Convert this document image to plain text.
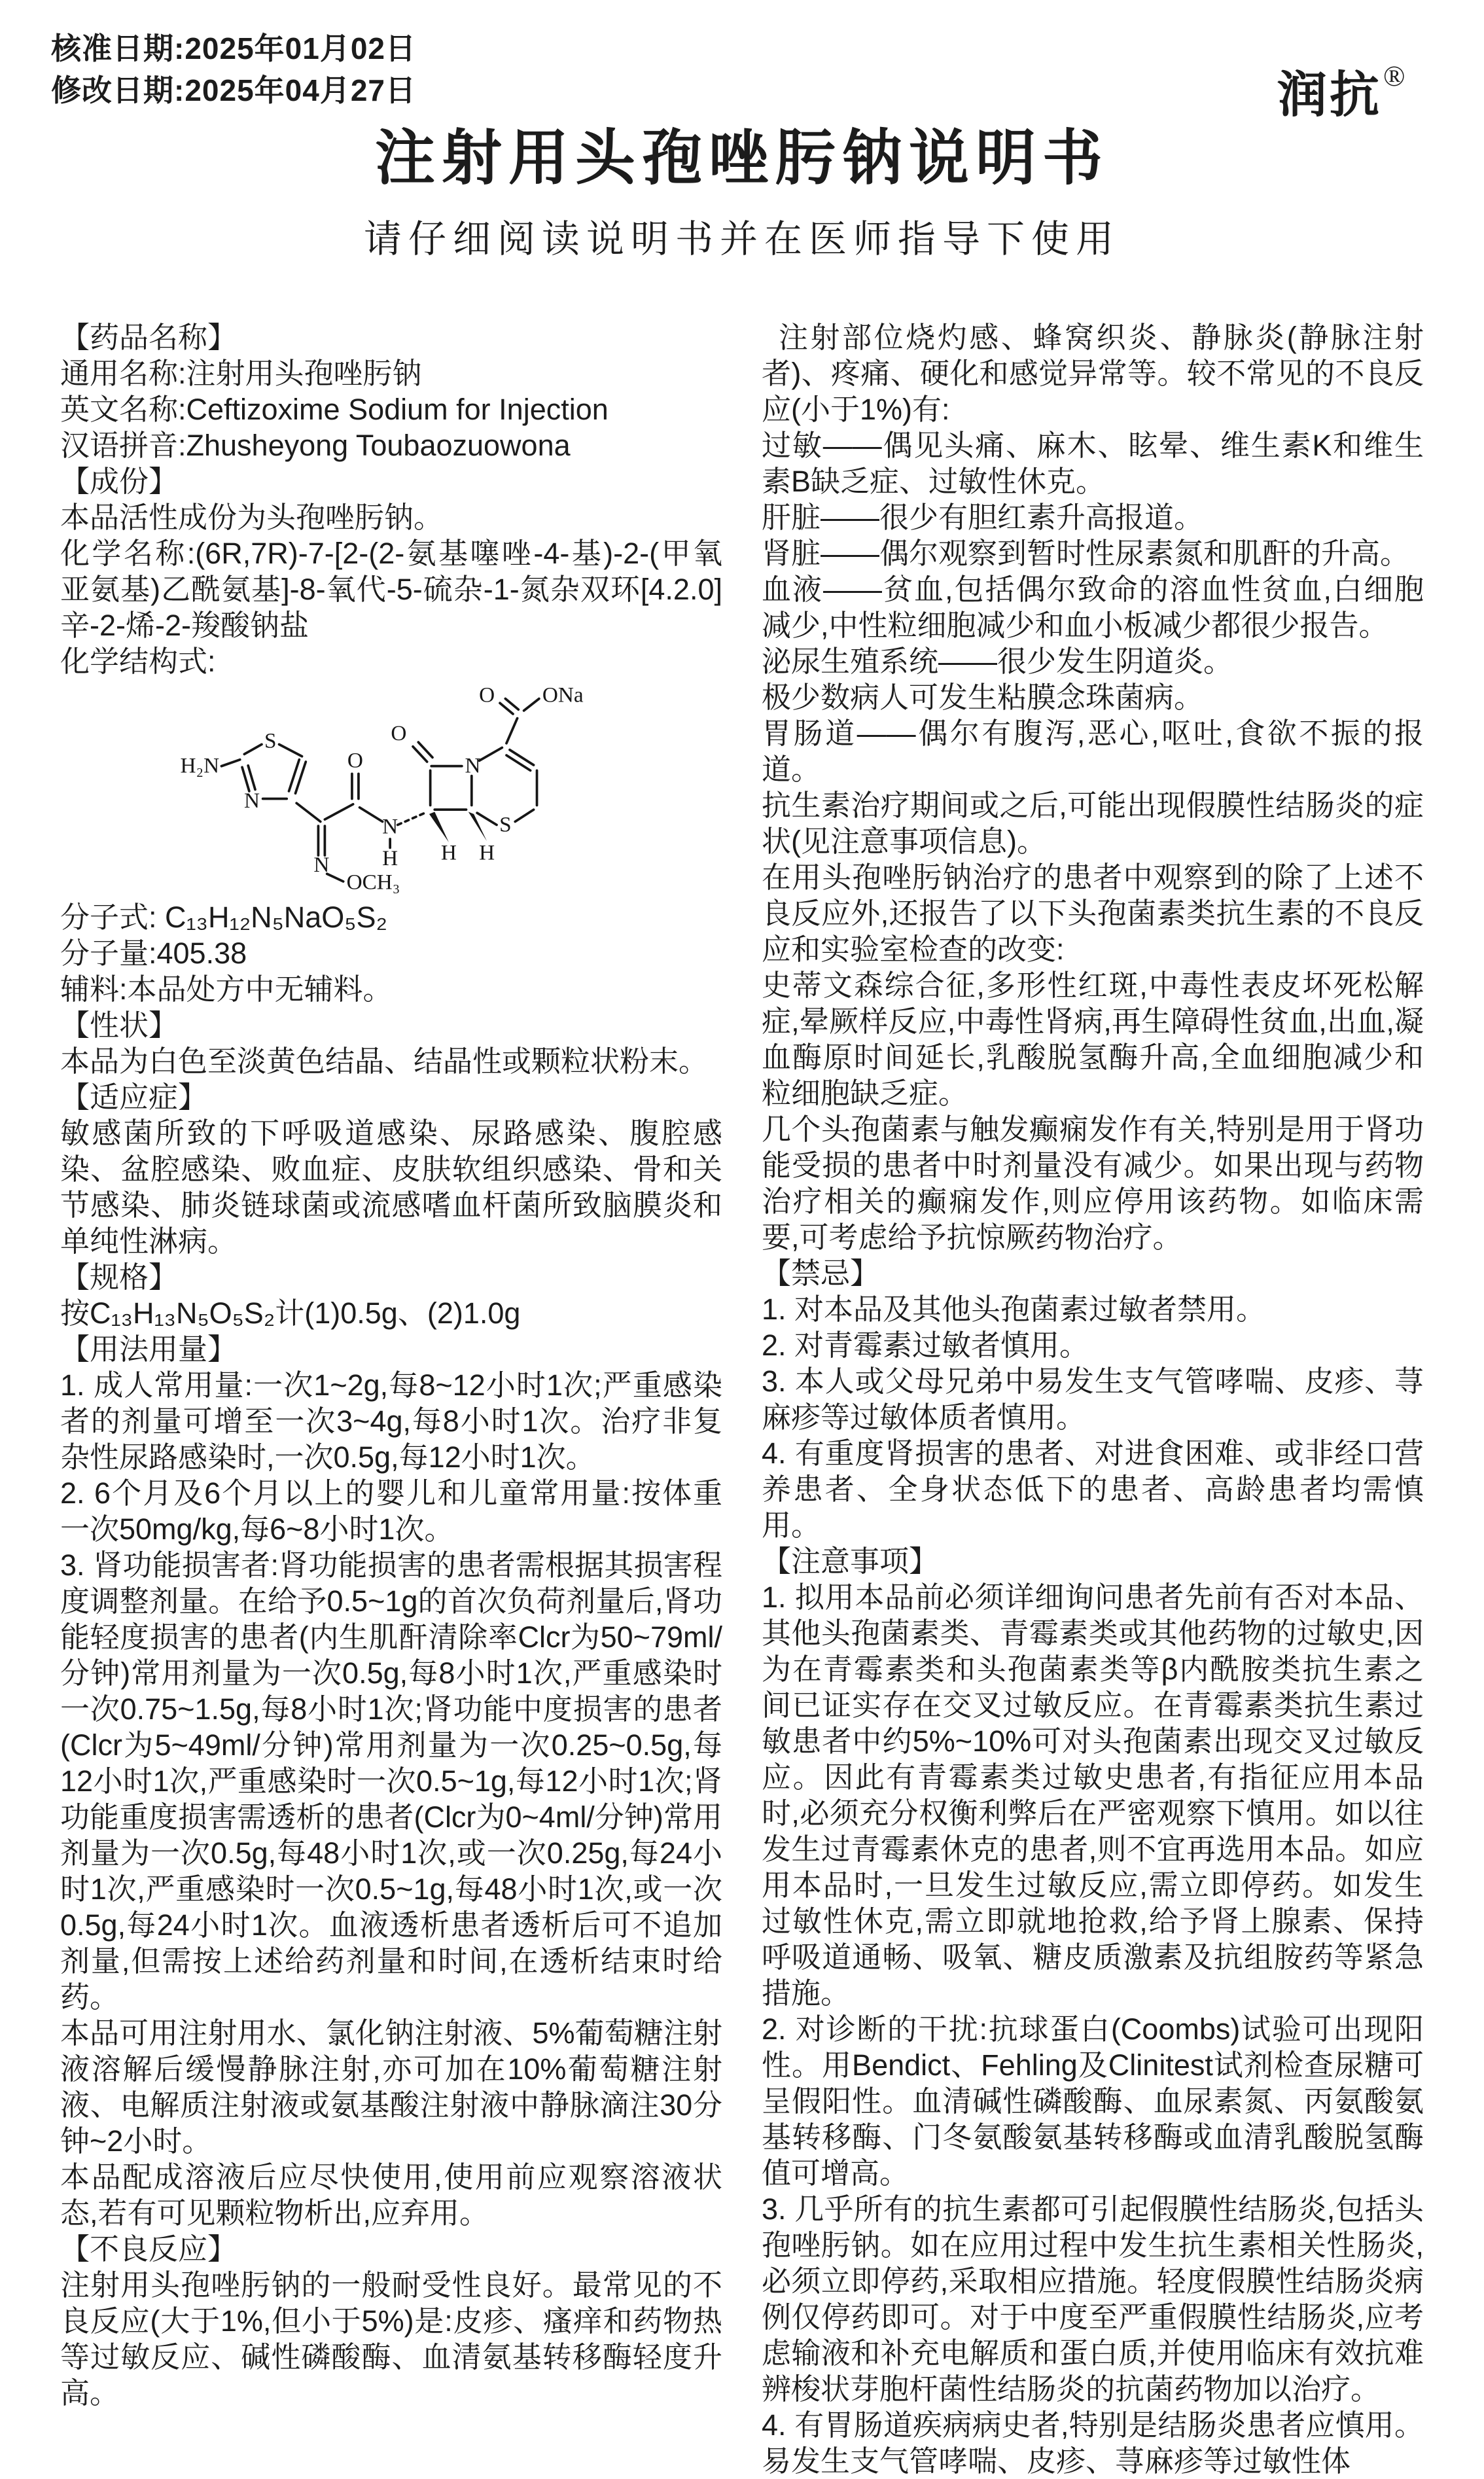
核准日期:2025年01月02日
修改日期:2025年04月27日	润抗®
注射用头孢唑肟钠说明书
请仔细阅读说明书并在医师指导下使用
【药品名称】
通用名称:注射用头孢唑肟钠
英文名称:Ceftizoxime Sodium for Injection
汉语拼音:Zhusheyong Toubaozuowona
【成份】
本品活性成份为头孢唑肟钠。
化学名称:(6R,7R)-7-[2-(2-氨基噻唑-4-基)-2-(甲氧亚氨基)乙酰氨基]-8-氧代-5-硫杂-1-氮杂双环[4.2.0]辛-2-烯-2-羧酸钠盐
化学结构式:
H₂N
S
N
N
OCH₃
O
N
H
O
N
H H
S
O ONa
分子式: C₁₃H₁₂N₅NaO₅S₂
分子量:405.38
辅料:本品处方中无辅料。
【性状】
本品为白色至淡黄色结晶、结晶性或颗粒状粉末。
【适应症】
敏感菌所致的下呼吸道感染、尿路感染、腹腔感染、盆腔感染、败血症、皮肤软组织感染、骨和关节感染、肺炎链球菌或流感嗜血杆菌所致脑膜炎和单纯性淋病。
【规格】
按C₁₃H₁₃N₅O₅S₂计(1)0.5g、(2)1.0g
【用法用量】
1. 成人常用量:一次1~2g,每8~12小时1次;严重感染者的剂量可增至一次3~4g,每8小时1次。治疗非复杂性尿路感染时,一次0.5g,每12小时1次。
2. 6个月及6个月以上的婴儿和儿童常用量:按体重一次50mg/kg,每6~8小时1次。
3. 肾功能损害者:肾功能损害的患者需根据其损害程度调整剂量。在给予0.5~1g的首次负荷剂量后,肾功能轻度损害的患者(内生肌酐清除率Clcr为50~79ml/分钟)常用剂量为一次0.5g,每8小时1次,严重感染时一次0.75~1.5g,每8小时1次;肾功能中度损害的患者(Clcr为5~49ml/分钟)常用剂量为一次0.25~0.5g,每12小时1次,严重感染时一次0.5~1g,每12小时1次;肾功能重度损害需透析的患者(Clcr为0~4ml/分钟)常用剂量为一次0.5g,每48小时1次,或一次0.25g,每24小时1次,严重感染时一次0.5~1g,每48小时1次,或一次0.5g,每24小时1次。血液透析患者透析后可不追加剂量,但需按上述给药剂量和时间,在透析结束时给药。
本品可用注射用水、氯化钠注射液、5%葡萄糖注射液溶解后缓慢静脉注射,亦可加在10%葡萄糖注射液、电解质注射液或氨基酸注射液中静脉滴注30分钟~2小时。
本品配成溶液后应尽快使用,使用前应观察溶液状态,若有可见颗粒物析出,应弃用。
【不良反应】
注射用头孢唑肟钠的一般耐受性良好。最常见的不良反应(大于1%,但小于5%)是:皮疹、瘙痒和药物热等过敏反应、碱性磷酸酶、血清氨基转移酶轻度升高。
注射部位烧灼感、蜂窝织炎、静脉炎(静脉注射者)、疼痛、硬化和感觉异常等。较不常见的不良反应(小于1%)有:
过敏——偶见头痛、麻木、眩晕、维生素K和维生素B缺乏症、过敏性休克。
肝脏——很少有胆红素升高报道。
肾脏——偶尔观察到暂时性尿素氮和肌酐的升高。
血液——贫血,包括偶尔致命的溶血性贫血,白细胞减少,中性粒细胞减少和血小板减少都很少报告。
泌尿生殖系统——很少发生阴道炎。
极少数病人可发生粘膜念珠菌病。
胃肠道——偶尔有腹泻,恶心,呕吐,食欲不振的报道。
抗生素治疗期间或之后,可能出现假膜性结肠炎的症状(见注意事项信息)。
在用头孢唑肟钠治疗的患者中观察到的除了上述不良反应外,还报告了以下头孢菌素类抗生素的不良反应和实验室检查的改变:
史蒂文森综合征,多形性红斑,中毒性表皮坏死松解症,晕厥样反应,中毒性肾病,再生障碍性贫血,出血,凝血酶原时间延长,乳酸脱氢酶升高,全血细胞减少和粒细胞缺乏症。
几个头孢菌素与触发癫痫发作有关,特别是用于肾功能受损的患者中时剂量没有减少。如果出现与药物治疗相关的癫痫发作,则应停用该药物。如临床需要,可考虑给予抗惊厥药物治疗。
【禁忌】
1. 对本品及其他头孢菌素过敏者禁用。
2. 对青霉素过敏者慎用。
3. 本人或父母兄弟中易发生支气管哮喘、皮疹、荨麻疹等过敏体质者慎用。
4. 有重度肾损害的患者、对进食困难、或非经口营养患者、全身状态低下的患者、高龄患者均需慎用。
【注意事项】
1. 拟用本品前必须详细询问患者先前有否对本品、其他头孢菌素类、青霉素类或其他药物的过敏史,因为在青霉素类和头孢菌素类等β内酰胺类抗生素之间已证实存在交叉过敏反应。在青霉素类抗生素过敏患者中约5%~10%可对头孢菌素出现交叉过敏反应。因此有青霉素类过敏史患者,有指征应用本品时,必须充分权衡利弊后在严密观察下慎用。如以往发生过青霉素休克的患者,则不宜再选用本品。如应用本品时,一旦发生过敏反应,需立即停药。如发生过敏性休克,需立即就地抢救,给予肾上腺素、保持呼吸道通畅、吸氧、糖皮质激素及抗组胺药等紧急措施。
2. 对诊断的干扰:抗球蛋白(Coombs)试验可出现阳性。用Bendict、Fehling及Clinitest试剂检查尿糖可呈假阳性。血清碱性磷酸酶、血尿素氮、丙氨酸氨基转移酶、门冬氨酸氨基转移酶或血清乳酸脱氢酶值可增高。
3. 几乎所有的抗生素都可引起假膜性结肠炎,包括头孢唑肟钠。如在应用过程中发生抗生素相关性肠炎,必须立即停药,采取相应措施。轻度假膜性结肠炎病例仅停药即可。对于中度至严重假膜性结肠炎,应考虑输液和补充电解质和蛋白质,并使用临床有效抗难辨梭状芽胞杆菌性结肠炎的抗菌药物加以治疗。
4. 有胃肠道疾病病史者,特别是结肠炎患者应慎用。易发生支气管哮喘、皮疹、荨麻疹等过敏性体
